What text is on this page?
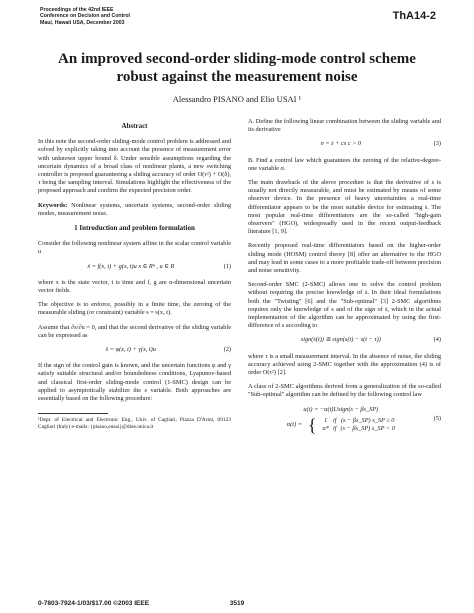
Proceedings of the 42nd IEEE
Conference on Decision and Control
Maui, Hawaii USA, December 2003
ThA14-2
An improved second-order sliding-mode control scheme
robust against the measurement noise
Alessandro PISANO and Elio USAI ¹
Abstract

In this note the second-order sliding-mode control problem is addressed and solved by explicitly taking into account the presence of measurement error with unknown upper bound δ. Under sensible assumptions regarding the uncertain dynamics of a broad class of nonlinear plants, a new switching controller is proposed guaranteeing a sliding accuracy of order O(τ²) + O(δ), τ being the sampling interval. Simulations highlight the effectiveness of the proposed approach and confirm the expected precision order.

Keywords: Nonlinear systems, uncertain systems, second-order sliding modes, measurement noise.

1 Introduction and problem formulation

Consider the following nonlinear system affine in the scalar control variable u

ẋ = f(x, t) + g(x, t)u x ∈ Rⁿ , u ∈ R	(1)

where x is the state vector, t is time and f, g are n-dimensional uncertain vector fields.

The objective is to enforce, possibly in a finite time, the zeroing of the measurable sliding (or constraint) variable s = s(x, t).

Assume that ∂s/∂u = 0, and that the second derivative of the sliding variable can be expressed as

s̈ = φ(x, t) + γ(x, t)u	(2)

If the sign of the control gain is known, and the uncertain functions φ and γ satisfy suitable structural and/or boundedness conditions, Lyapunov-based and classical first-order sliding-mode control (1-SMC) design can be applied to asymptotically stabilize the s variable. Both approaches are essentially based on the following procedure:

¹Dept. of Electrical and Electronic Eng., Univ. of Cagliari, Piazza D'Armi, 09123 Cagliari (Italy) e-mails: {pisano,eusai}@diee.unica.it

A. Define the following linear combination between the sliding variable and its derivative

σ = ṡ + cs c > 0	(3)

B. Find a control law which guarantees the zeroing of the relative-degree-one variable σ.

The main drawback of the above procedure is that the derivative of s is usually not directly measurable, and must be estimated by means of some observer device. In the presence of heavy uncertainties a real-time differentiator appears to be the most suitable device for estimating ṡ. The most popular real-time differentiators are the so-called "high-gain observers" (HGO), widespreadly used in the recent output-feedback literature [1, 9].

Recently proposed real-time differentiators based on the higher-order sliding mode (HOSM) control theory [8] offer an alternative to the HGO and may lead in some cases to a more profitable trade-off between precision and noise sensitivity.

Second-order SMC (2-SMC) allows one to solve the control problem without requiring the precise knowledge of ṡ. In their ideal formulations both the "Twisting" [6] and the "Sub-optimal" [3] 2-SMC algorithms requires only the knowledge of s and of the sign of ṡ, which in the actual implementation of the algorithm can be approximated by using the first-difference of s according to

sign(ṡ(t)) ≅ sign(s(t) − s(t − τ))	(4)

where τ is a small measurement interval. In the absence of noise, the sliding accuracy achieved using 2-SMC together with the approximation (4) is of order O(τ²) [2].

A class of 2-SMC algorithms derived from a generalization of the so-called "Sub-optimal" algorithm can be defined by the following control law

u(t) = −α(t)Usign(s − βs_SP)
α(t) = { 1 if (s − βs_SP) s_SP ≥ 0
α* if (s − βs_SP) s_SP < 0
(5)
0-7803-7924-1/03/$17.00 ©2003 IEEE	3519
